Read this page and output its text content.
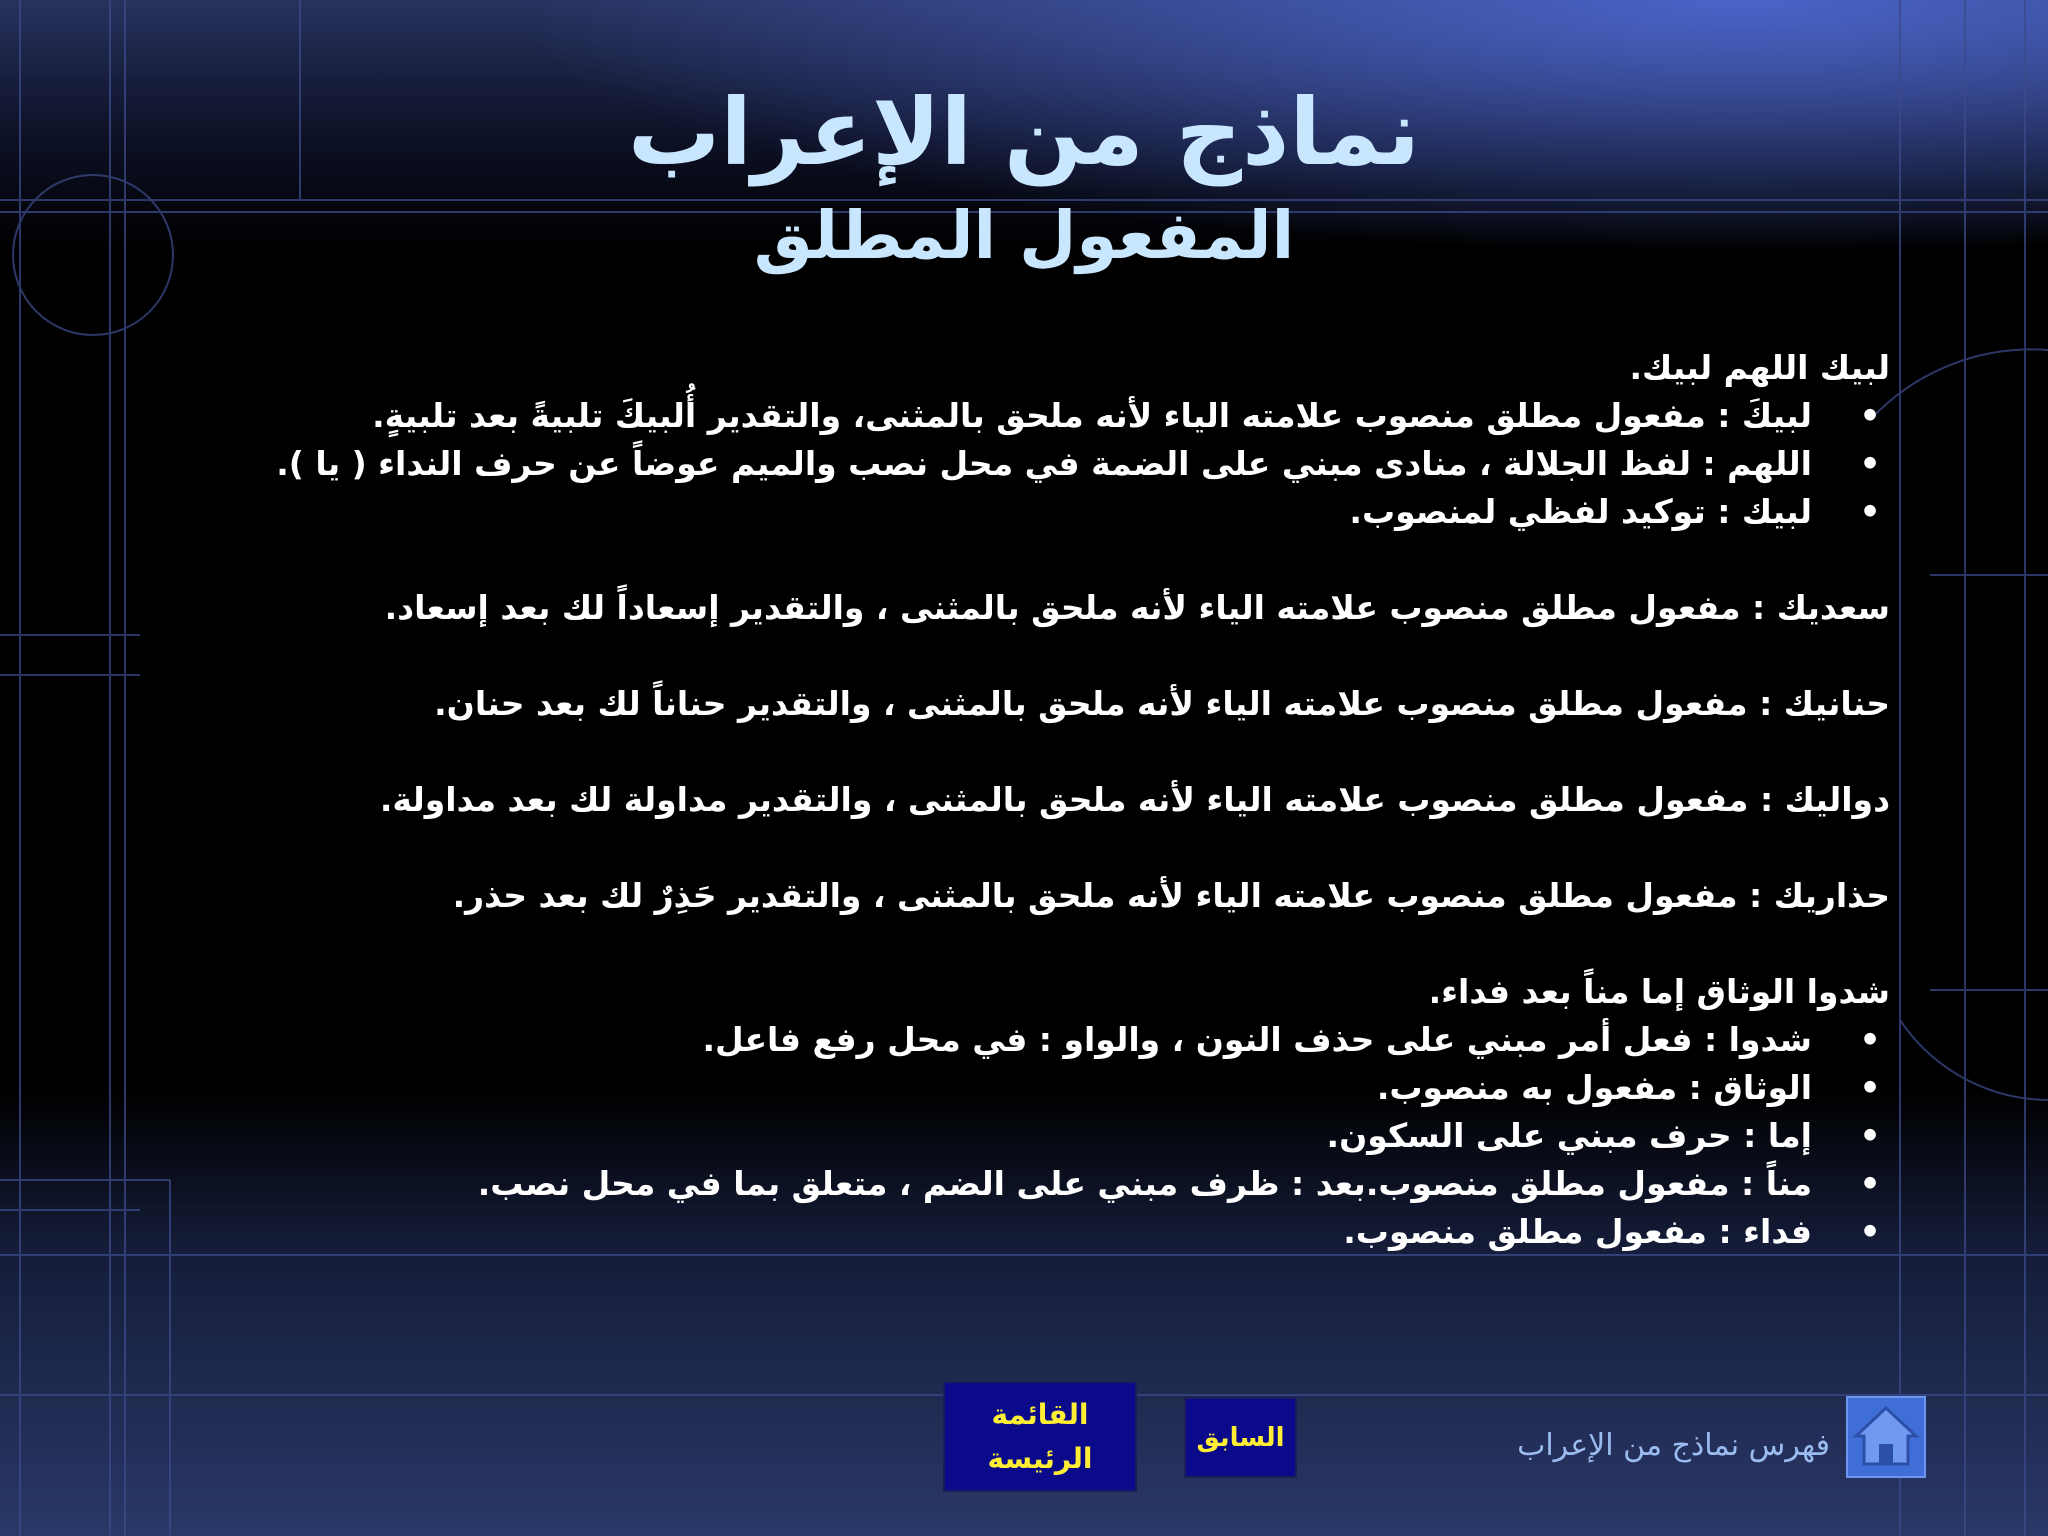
نماذج من الإعراب
المفعول المطلق

لبيك اللهم لبيك.

• لبيكَ : مفعول مطلق منصوب علامته الياء لأنه ملحق بالمثنى، والتقدير أُلبيكَ تلبيةً بعد تلبيةٍ.
• اللهم : لفظ الجلالة ، منادى مبني على الضمة في محل نصب والميم عوضاً عن حرف النداء ( يا ).
• لبيك : توكيد لفظي لمنصوب.

سعديك : مفعول مطلق منصوب علامته الياء لأنه ملحق بالمثنى ، والتقدير إسعاداً لك بعد إسعاد.

حنانيك : مفعول مطلق منصوب علامته الياء لأنه ملحق بالمثنى ، والتقدير حناناً لك بعد حنان.

دواليك : مفعول مطلق منصوب علامته الياء لأنه ملحق بالمثنى ، والتقدير مداولة لك بعد مداولة.

حذاريك : مفعول مطلق منصوب علامته الياء لأنه ملحق بالمثنى ، والتقدير حَذِرٌ لك بعد حذر.

شدوا الوثاق إما مناً بعد فداء.

• شدوا : فعل أمر مبني على حذف النون ، والواو : في محل رفع فاعل.
• الوثاق : مفعول به منصوب.
• إما : حرف مبني على السكون.
• مناً : مفعول مطلق منصوب.بعد : ظرف مبني على الضم ، متعلق بما في محل نصب.
• فداء : مفعول مطلق منصوب.
القائمة الرئيسة
السابق	فهرس نماذج من الإعراب
